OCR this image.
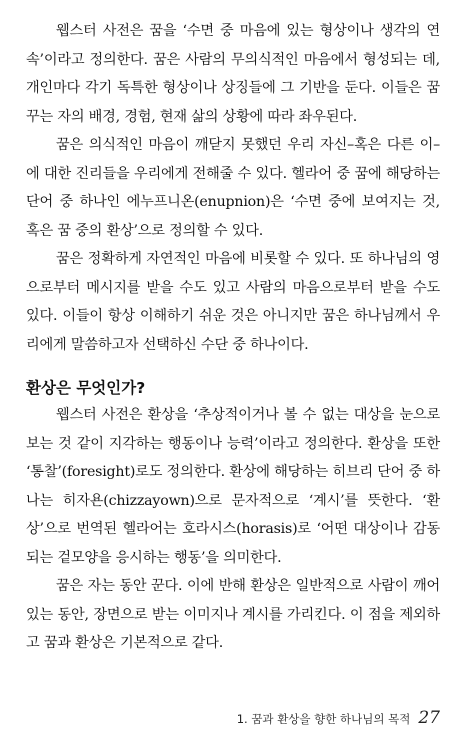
웹스터 사전은 꿈을 ‘수면 중 마음에 있는 형상이나 생각의 연속’이라고 정의한다. 꿈은 사람의 무의식적인 마음에서 형성되는 데, 개인마다 각기 독특한 형상이나 상징들에 그 기반을 둔다. 이들은 꿈꾸는 자의 배경, 경험, 현재 삶의 상황에 따라 좌우된다.

꿈은 의식적인 마음이 깨닫지 못했던 우리 자신–혹은 다른 이–에 대한 진리들을 우리에게 전해줄 수 있다. 헬라어 중 꿈에 해당하는 단어 중 하나인 에누프니온(enupnion)은 ‘수면 중에 보여지는 것, 혹은 꿈 중의 환상’으로 정의할 수 있다.

꿈은 정확하게 자연적인 마음에 비롯할 수 있다. 또 하나님의 영으로부터 메시지를 받을 수도 있고 사람의 마음으로부터 받을 수도 있다. 이들이 항상 이해하기 쉬운 것은 아니지만 꿈은 하나님께서 우리에게 말씀하고자 선택하신 수단 중 하나이다.

환상은 무엇인가?

웹스터 사전은 환상을 ‘추상적이거나 볼 수 없는 대상을 눈으로 보는 것 같이 지각하는 행동이나 능력’이라고 정의한다. 환상을 또한 ‘통찰’(foresight)로도 정의한다. 환상에 해당하는 히브리 단어 중 하나는 히자욘(chizzayown)으로 문자적으로 ‘계시’를 뜻한다. ‘환상’으로 번역된 헬라어는 호라시스(horasis)로 ‘어떤 대상이나 감동되는 겉모양을 응시하는 행동’을 의미한다.

꿈은 자는 동안 꾼다. 이에 반해 환상은 일반적으로 사람이 깨어있는 동안, 장면으로 받는 이미지나 계시를 가리킨다. 이 점을 제외하고 꿈과 환상은 기본적으로 같다.

1. 꿈과 환상을 향한 하나님의 목적 27
